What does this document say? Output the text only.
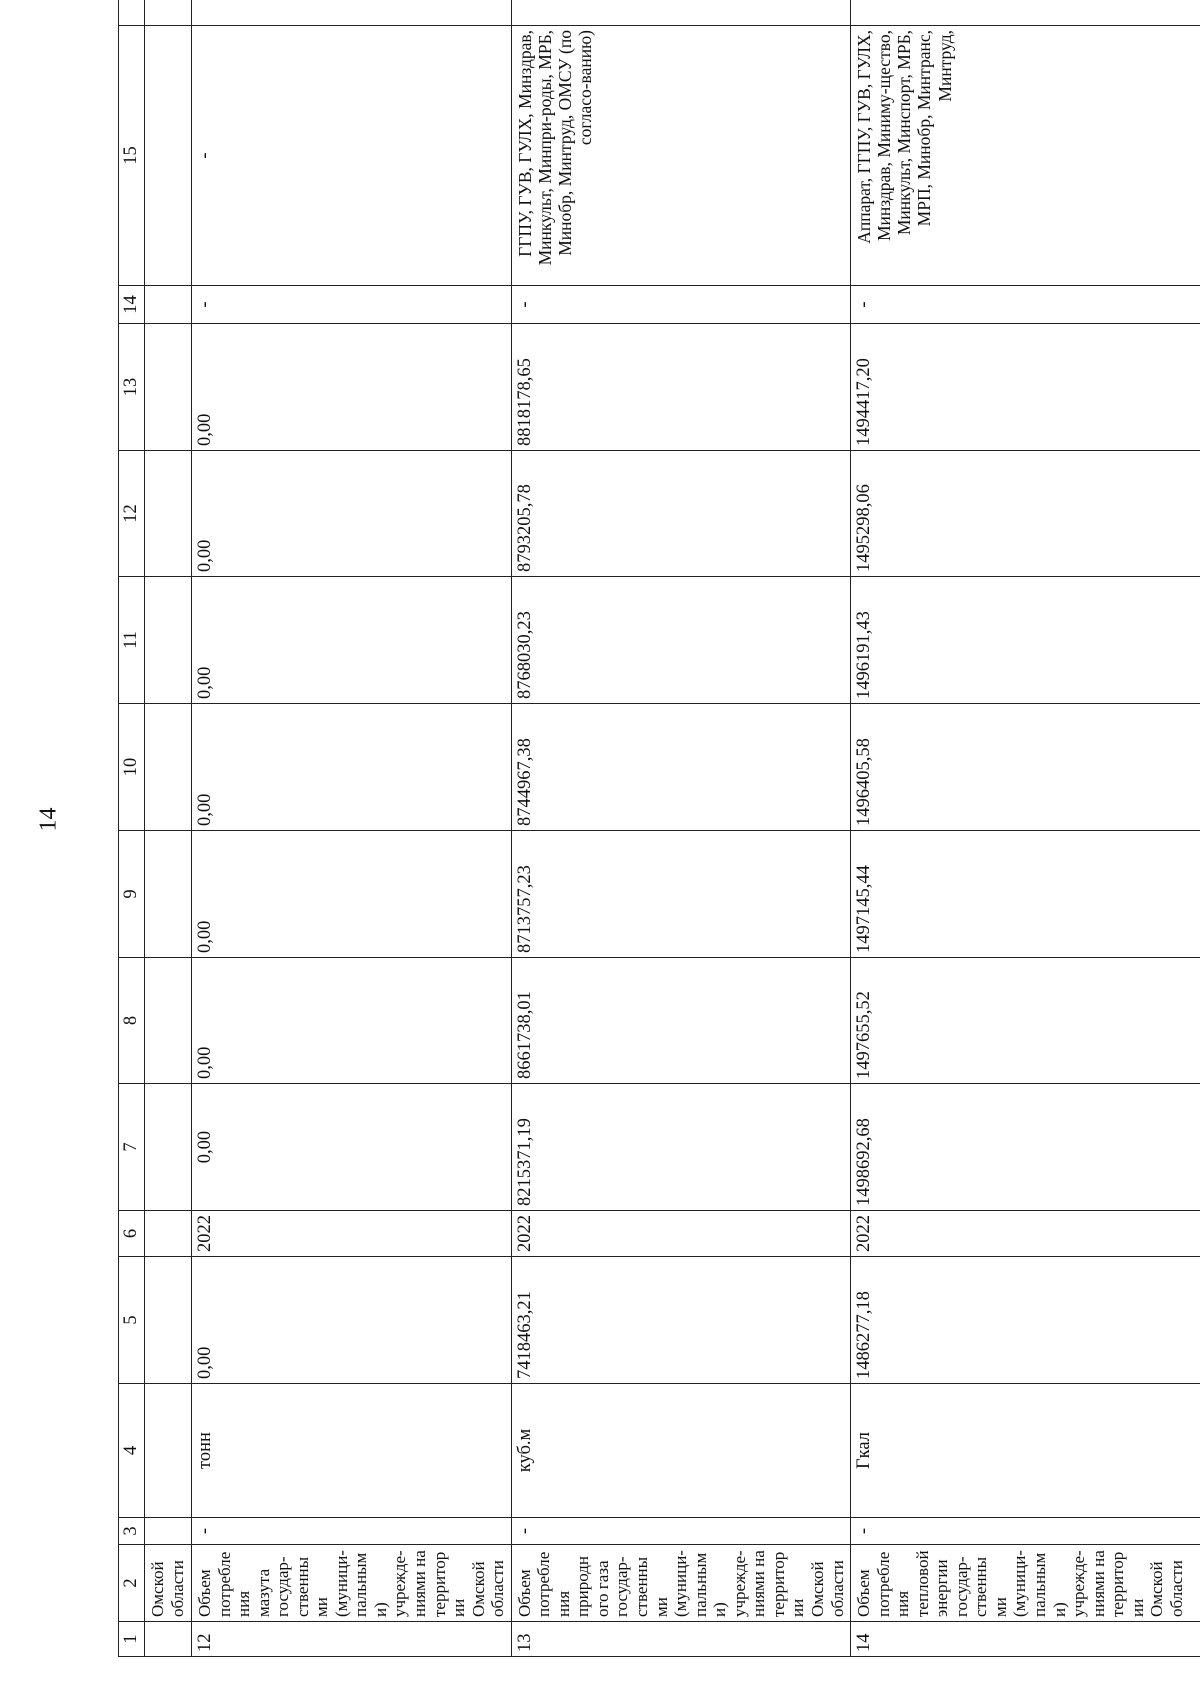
14
1	2	3	4	5	6	7	8	9	10	11	12	13	14	15	
	Омской области														
12	Объем потребления мазута государ-ственными (муници-пальными) учрежде-ниями на территории Омской области	-	тонн	0,00	2022	0,00	0,00	0,00	0,00	0,00	0,00	0,00	-	-	
13	Объем потребления природного газа государ-ственными (муници-пальными) учрежде-ниями на территории Омской области	-	куб.м	7418463,21	2022	8215371,19	8661738,01	8713757,23	8744967,38	8768030,23	8793205,78	8818178,65	-	ГГПУ, ГУВ, ГУЛХ, Минздрав, Минкульт, Минпри-роды, МРБ, Минобр, Минтруд, ОМСУ (по согласо-ванию)	
14	Объем потребления тепловой энергии государ-ственными (муници-пальными) учрежде-ниями на территории Омской области	-	Гкал	1486277,18	2022	1498692,68	1497655,52	1497145,44	1496405,58	1496191,43	1495298,06	1494417,20	-	Аппарат, ГГПУ, ГУВ, ГУЛХ, Минздрав, Миниму-щество, Минкульт, Минспорт, МРБ, МРП, Минобр, Минтранс, Минтруд,	
